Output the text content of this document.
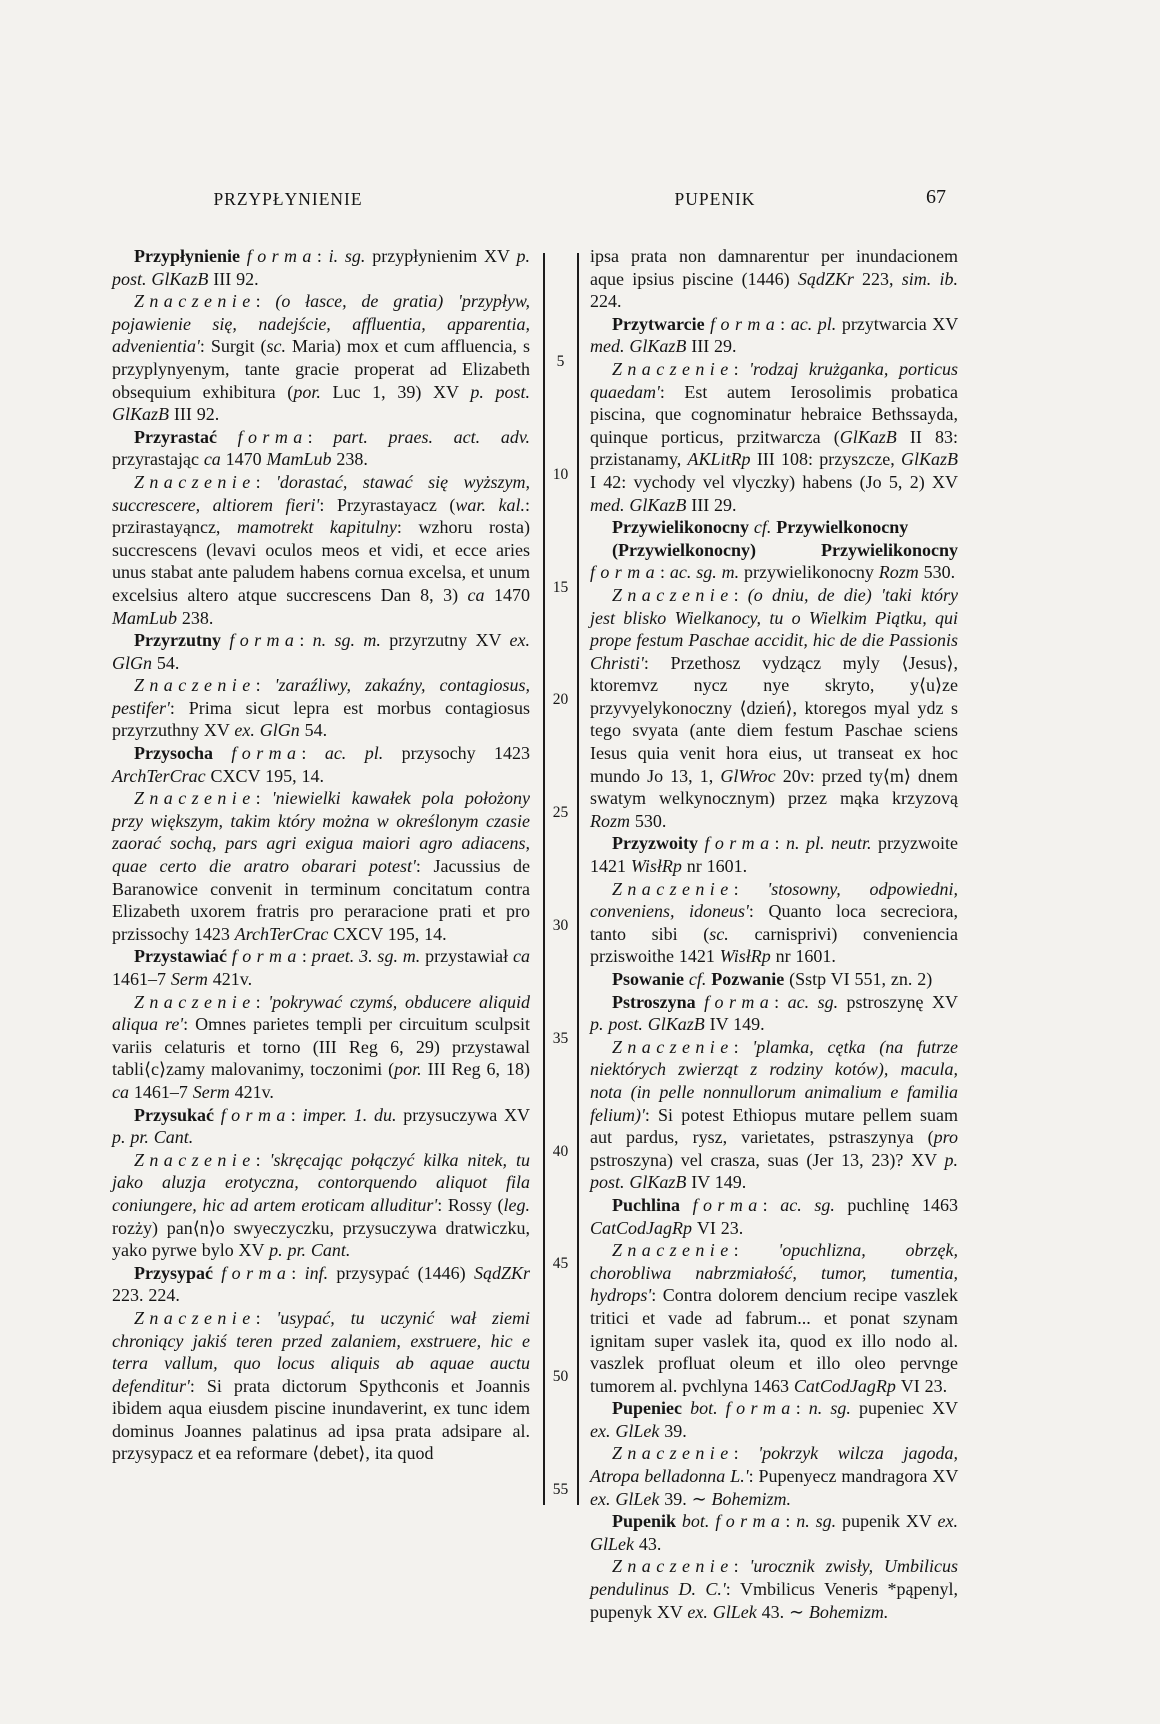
PRZYPŁYNIENIE	PUPENIK	67

Przypłynienie forma: i. sg. przypłynienim XV p. post. GlKazB III 92.

Znaczenie: (o łasce, de gratia) 'przypływ, pojawienie się, nadejście, affluentia, apparentia, advenientia': Surgit (sc. Maria) mox et cum affluencia, s przyplynyenym, tante gracie properat ad Elizabeth obsequium exhibitura (por. Luc 1, 39) XV p. post. GlKazB III 92.

Przyrastać forma: part. praes. act. adv. przyrastając ca 1470 MamLub 238.

Znaczenie: 'dorastać, stawać się wyższym, succrescere, altiorem fieri': Przyrastayacz (war. kal.: przirastayąncz, mamotrekt kapitulny: wzhoru rosta) succrescens (levavi oculos meos et vidi, et ecce aries unus stabat ante paludem habens cornua excelsa, et unum excelsius altero atque succrescens Dan 8, 3) ca 1470 MamLub 238.

Przyrzutny forma: n. sg. m. przyrzutny XV ex. GlGn 54.

Znaczenie: 'zaraźliwy, zakaźny, contagiosus, pestifer': Prima sicut lepra est morbus contagiosus przyrzuthny XV ex. GlGn 54.

Przysocha forma: ac. pl. przysochy 1423 ArchTerCrac CXCV 195, 14.

Znaczenie: 'niewielki kawałek pola położony przy większym, takim który można w określonym czasie zaorać sochą, pars agri exigua maiori agro adiacens, quae certo die aratro obarari potest': Jacussius de Baranowice convenit in terminum concitatum contra Elizabeth uxorem fratris pro peraracione prati et pro przissochy 1423 ArchTerCrac CXCV 195, 14.

Przystawiać forma: praet. 3. sg. m. przystawiał ca 1461–7 Serm 421v.

Znaczenie: 'pokrywać czymś, obducere aliquid aliqua re': Omnes parietes templi per circuitum sculpsit variis celaturis et torno (III Reg 6, 29) przystawal tabli⟨c⟩zamy malovanimy, toczonimi (por. III Reg 6, 18) ca 1461–7 Serm 421v.

Przysukać forma: imper. 1. du. przysuczywa XV p. pr. Cant.

Znaczenie: 'skręcając połączyć kilka nitek, tu jako aluzja erotyczna, contorquendo aliquot fila coniungere, hic ad artem eroticam alluditur': Rossy (leg. rozży) pan⟨n⟩o swyeczyczku, przysuczywa dratwiczku, yako pyrwe bylo XV p. pr. Cant.

Przysypać forma: inf. przysypać (1446) SądZKr 223. 224.

Znaczenie: 'usypać, tu uczynić wał ziemi chroniący jakiś teren przed zalaniem, exstruere, hic e terra vallum, quo locus aliquis ab aquae auctu defenditur': Si prata dictorum Spythconis et Joannis ibidem aqua eiusdem piscine inundaverint, ex tunc idem dominus Joannes palatinus ad ipsa prata adsipare al. przysypacz et ea reformare ⟨debet⟩, ita quod

ipsa prata non damnarentur per inundacionem aque ipsius piscine (1446) SądZKr 223, sim. ib. 224.

Przytwarcie forma: ac. pl. przytwarcia XV med. GlKazB III 29.

Znaczenie: 'rodzaj krużganka, porticus quaedam': Est autem Ierosolimis probatica piscina, que cognominatur hebraice Bethssayda, quinque porticus, przitwarcza (GlKazB II 83: przistanamy, AKLitRp III 108: przyszcze, GlKazB I 42: vychody vel vlyczky) habens (Jo 5, 2) XV med. GlKazB III 29.

Przywielikonocny cf. Przywielkonocny

(Przywielkonocny) Przywielikonocny forma: ac. sg. m. przywielikonocny Rozm 530.

Znaczenie: (o dniu, de die) 'taki który jest blisko Wielkanocy, tu o Wielkim Piątku, qui prope festum Paschae accidit, hic de die Passionis Christi': Przethosz vydzącz myly ⟨Jesus⟩, ktoremvz nycz nye skryto, y⟨u⟩ze przyvyelykonoczny ⟨dzień⟩, ktoregos myal ydz s tego svyata (ante diem festum Paschae sciens Iesus quia venit hora eius, ut transeat ex hoc mundo Jo 13, 1, GlWroc 20v: przed ty⟨m⟩ dnem swatym welkynocznym) przez mąka krzyzovą Rozm 530.

Przyzwoity forma: n. pl. neutr. przyzwoite 1421 WisłRp nr 1601.

Znaczenie: 'stosowny, odpowiedni, conveniens, idoneus': Quanto loca secreciora, tanto sibi (sc. carnisprivi) conveniencia prziswoithe 1421 WisłRp nr 1601.

Psowanie cf. Pozwanie (Sstp VI 551, zn. 2)

Pstroszyna forma: ac. sg. pstroszynę XV p. post. GlKazB IV 149.

Znaczenie: 'plamka, cętka (na futrze niektórych zwierząt z rodziny kotów), macula, nota (in pelle nonnullorum animalium e familia felium)': Si potest Ethiopus mutare pellem suam aut pardus, rysz, varietates, pstraszynya (pro pstroszyna) vel crasza, suas (Jer 13, 23)? XV p. post. GlKazB IV 149.

Puchlina forma: ac. sg. puchlinę 1463 CatCodJagRp VI 23.

Znaczenie: 'opuchlizna, obrzęk, chorobliwa nabrzmiałość, tumor, tumentia, hydrops': Contra dolorem dencium recipe vaszlek tritici et vade ad fabrum... et ponat szynam ignitam super vaslek ita, quod ex illo nodo al. vaszlek profluat oleum et illo oleo pervnge tumorem al. pvchlyna 1463 CatCodJagRp VI 23.

Pupeniec bot. forma: n. sg. pupeniec XV ex. GlLek 39.

Znaczenie: 'pokrzyk wilcza jagoda, Atropa belladonna L.': Pupenyecz mandragora XV ex. GlLek 39. ∼ Bohemizm.

Pupenik bot. forma: n. sg. pupenik XV ex. GlLek 43.

Znaczenie: 'urocznik zwisły, Umbilicus pendulinus D. C.': Vmbilicus Veneris *pąpenyl, pupenyk XV ex. GlLek 43. ∼ Bohemizm.

5
10
15
20
25
30
35
40
45
50
55
